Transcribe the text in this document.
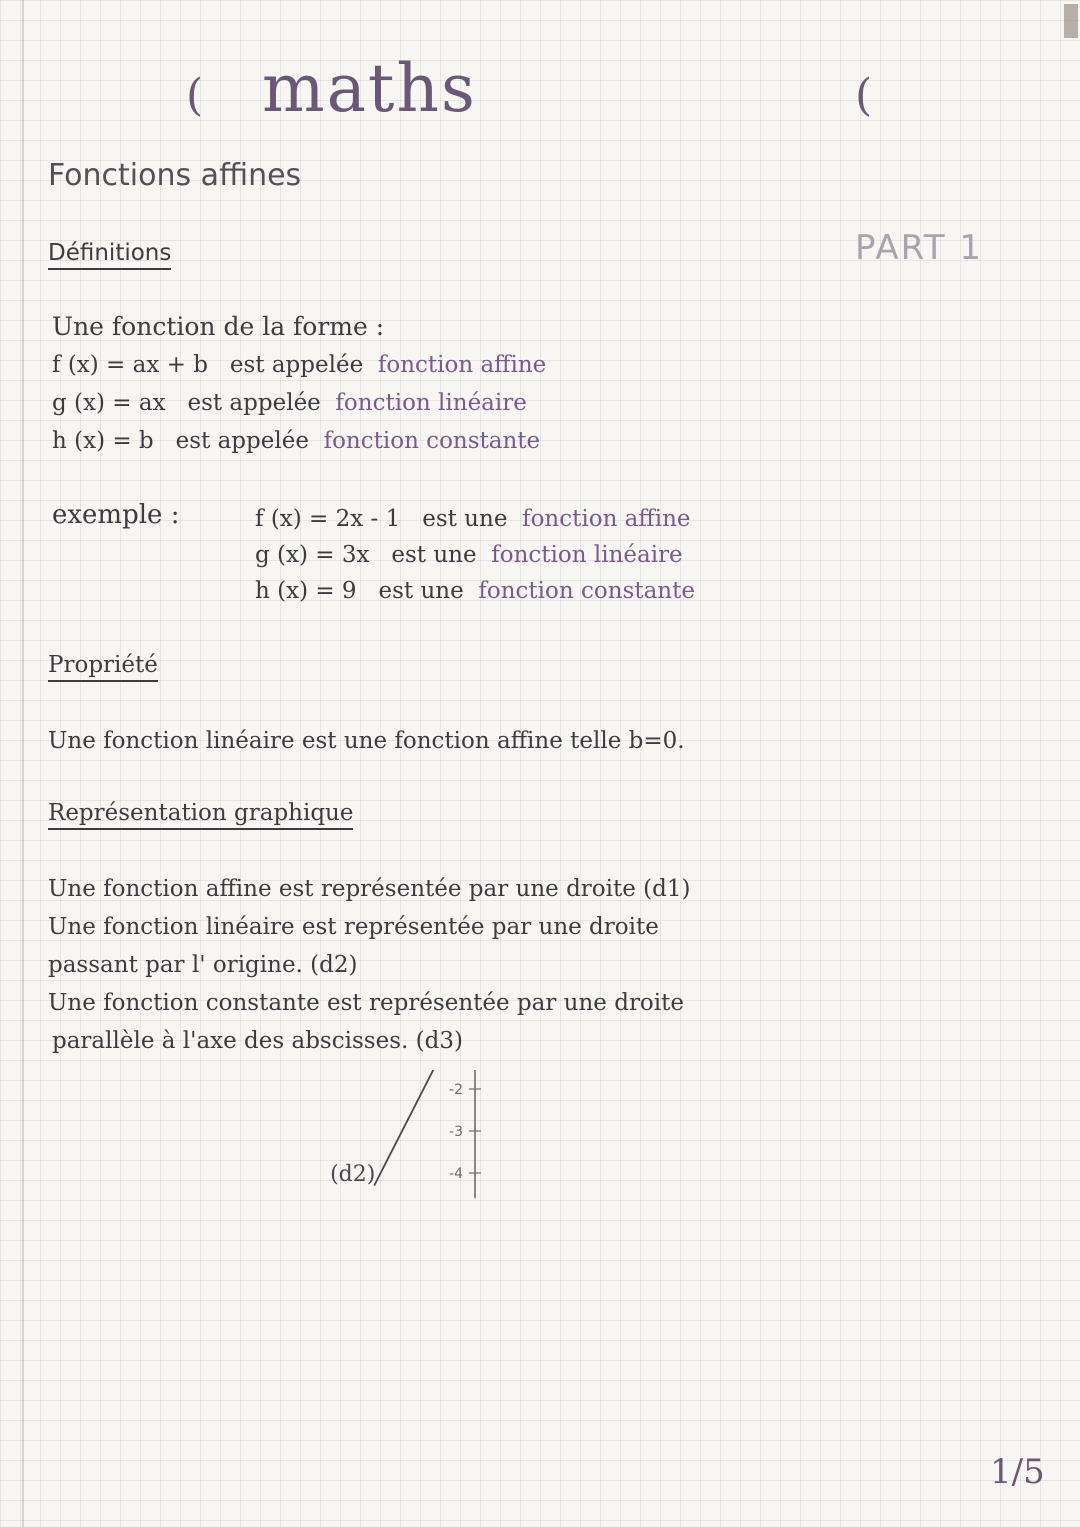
( maths	(
Fonctions affines
PART 1
Définitions
Une fonction de la forme :
f (x) = ax + b est appelée fonction affine
g (x) = ax est appelée fonction linéaire
h (x) = b est appelée fonction constante
exemple :	f (x) = 2x - 1 est une fonction affine
g (x) = 3x est une fonction linéaire
h (x) = 9 est une fonction constante
Propriété
Une fonction linéaire est une fonction affine telle b=0.
Représentation graphique
Une fonction affine est représentée par une droite (d1)
Une fonction linéaire est représentée par une droite
passant par l' origine. (d2)
Une fonction constante est représentée par une droite
parallèle à l'axe des abscisses. (d3)
-2
-3
-4
(d2)
1/5
